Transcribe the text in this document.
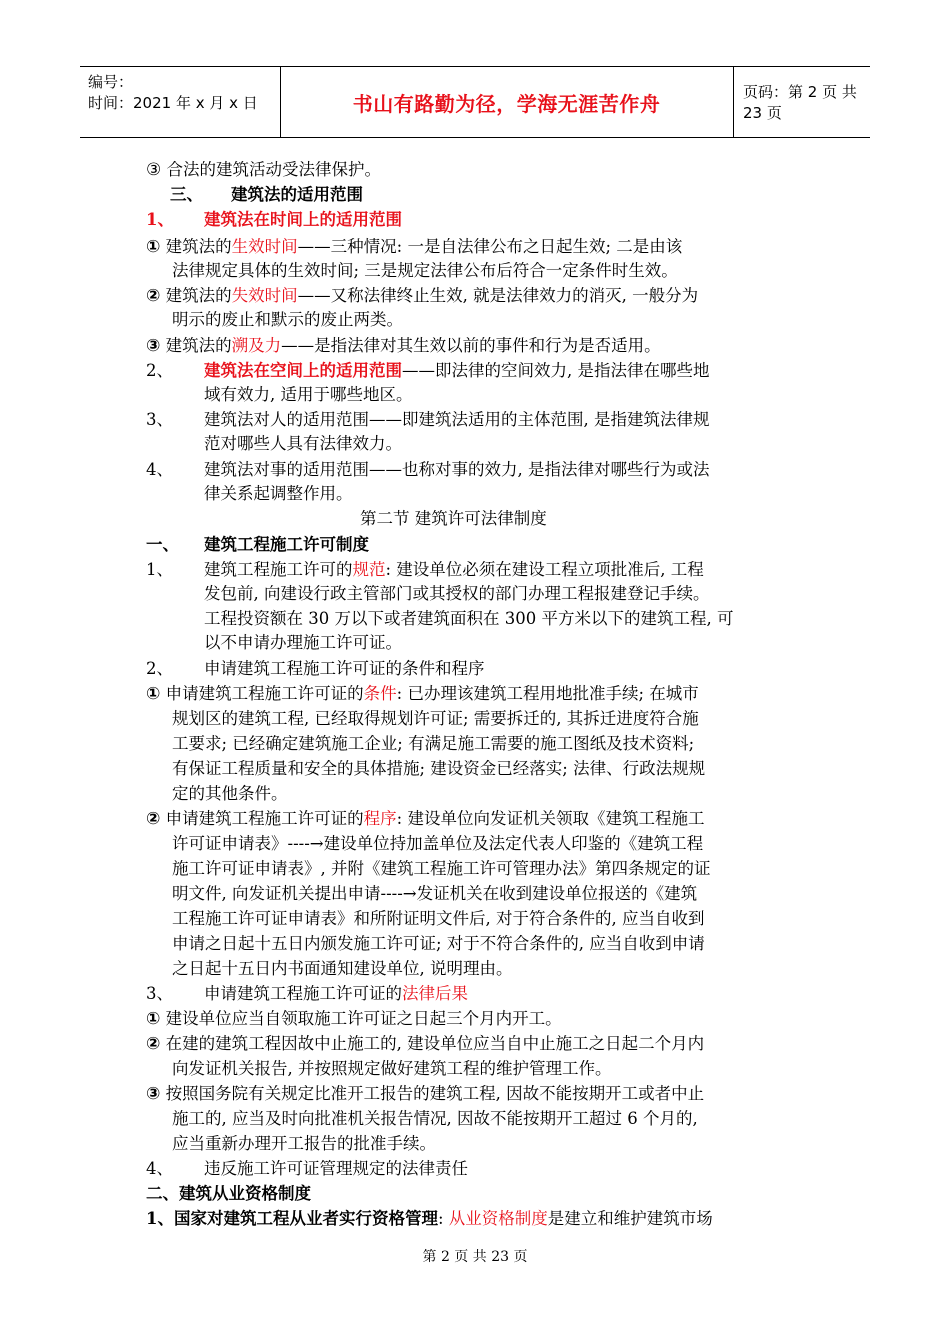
编号：
时间：2021 年 x 月 x 日	书山有路勤为径，学海无涯苦作舟	页码：第 2 页 共 23 页
③ 合法的建筑活动受法律保护。
三、 建筑法的适用范围
1、 建筑法在时间上的适用范围
① 建筑法的生效时间——三种情况: 一是自法律公布之日起生效; 二是由该
法律规定具体的生效时间; 三是规定法律公布后符合一定条件时生效。
② 建筑法的失效时间——又称法律终止生效, 就是法律效力的消灭, 一般分为
明示的废止和默示的废止两类。
③ 建筑法的溯及力——是指法律对其生效以前的事件和行为是否适用。
2、 建筑法在空间上的适用范围——即法律的空间效力, 是指法律在哪些地
域有效力, 适用于哪些地区。
3、 建筑法对人的适用范围——即建筑法适用的主体范围, 是指建筑法律规
范对哪些人具有法律效力。
4、 建筑法对事的适用范围——也称对事的效力, 是指法律对哪些行为或法
律关系起调整作用。
第二节 建筑许可法律制度
一、 建筑工程施工许可制度
1、 建筑工程施工许可的规范: 建设单位必须在建设工程立项批准后, 工程
发包前, 向建设行政主管部门或其授权的部门办理工程报建登记手续。
工程投资额在 30 万以下或者建筑面积在 300 平方米以下的建筑工程, 可
以不申请办理施工许可证。
2、 申请建筑工程施工许可证的条件和程序
① 申请建筑工程施工许可证的条件: 已办理该建筑工程用地批准手续; 在城市
规划区的建筑工程, 已经取得规划许可证; 需要拆迁的, 其拆迁进度符合施
工要求; 已经确定建筑施工企业; 有满足施工需要的施工图纸及技术资料;
有保证工程质量和安全的具体措施; 建设资金已经落实; 法律、行政法规规
定的其他条件。
② 申请建筑工程施工许可证的程序: 建设单位向发证机关领取《建筑工程施工
许可证申请表》----→建设单位持加盖单位及法定代表人印鉴的《建筑工程
施工许可证申请表》, 并附《建筑工程施工许可管理办法》第四条规定的证
明文件, 向发证机关提出申请----→发证机关在收到建设单位报送的《建筑
工程施工许可证申请表》和所附证明文件后, 对于符合条件的, 应当自收到
申请之日起十五日内颁发施工许可证; 对于不符合条件的, 应当自收到申请
之日起十五日内书面通知建设单位, 说明理由。
3、 申请建筑工程施工许可证的法律后果
① 建设单位应当自领取施工许可证之日起三个月内开工。
② 在建的建筑工程因故中止施工的, 建设单位应当自中止施工之日起二个月内
向发证机关报告, 并按照规定做好建筑工程的维护管理工作。
③ 按照国务院有关规定比准开工报告的建筑工程, 因故不能按期开工或者中止
施工的, 应当及时向批准机关报告情况, 因故不能按期开工超过 6 个月的,
应当重新办理开工报告的批准手续。
4、 违反施工许可证管理规定的法律责任
二、建筑从业资格制度
1、国家对建筑工程从业者实行资格管理: 从业资格制度是建立和维护建筑市场
第 2 页 共 23 页
